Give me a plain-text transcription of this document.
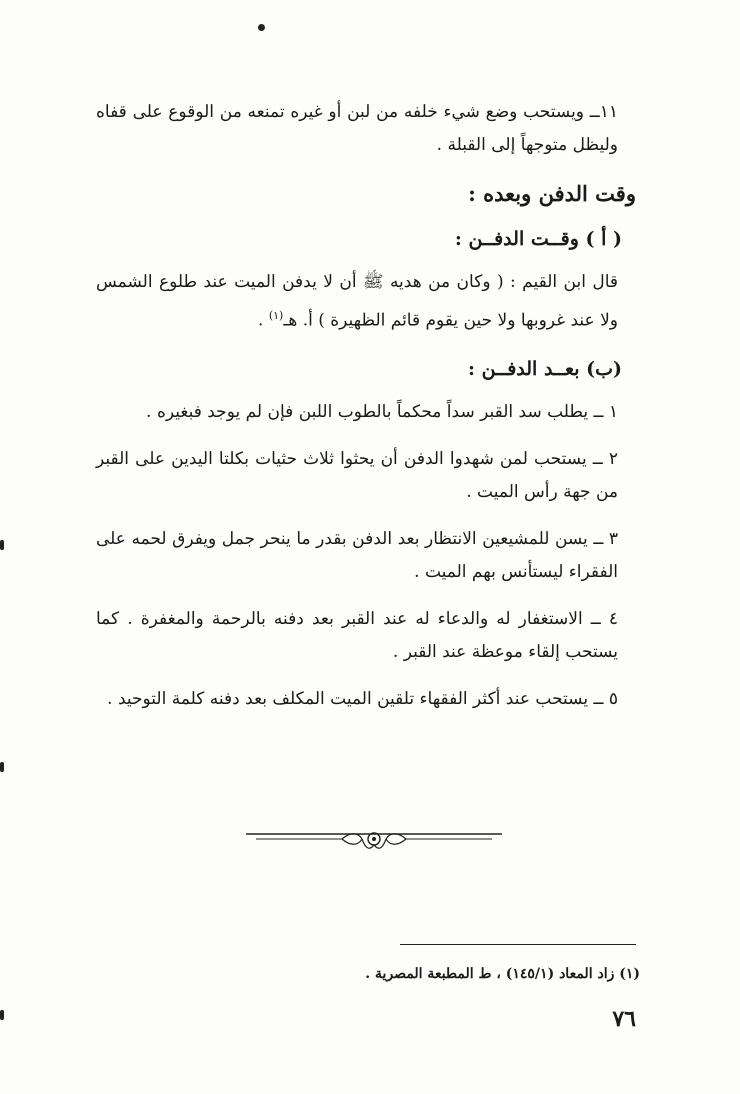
١١ــ ويستحب وضع شيء خلفه من لبن أو غيره تمنعه من الوقوع على قفاه وليظل متوجهاً إلى القبلة .

وقت الدفن وبعده :
( أ ) وقــت الدفــن :

قال ابن القيم : ( وكان من هديه ﷺ أن لا يدفن الميت عند طلوع الشمس ولا عند غروبها ولا حين يقوم قائم الظهيرة ) أ. هـ$^{(١)}$ .

(ب) بعــد الدفــن :

١ ــ يطلب سد القبر سداً محكماً بالطوب اللبن فإن لم يوجد فبغيره .

٢ ــ يستحب لمن شهدوا الدفن أن يحثوا ثلاث حثيات بكلتا اليدين على القبر من جهة رأس الميت .

٣ ــ يسن للمشيعين الانتظار بعد الدفن بقدر ما ينحر جمل ويفرق لحمه على الفقراء ليستأنس بهم الميت .

٤ ــ الاستغفار له والدعاء له عند القبر بعد دفنه بالرحمة والمغفرة . كما يستحب إلقاء موعظة عند القبر .

٥ ــ يستحب عند أكثر الفقهاء تلقين الميت المكلف بعد دفنه كلمة التوحيد .

(١) زاد المعاد (١٤٥/١) ، ط المطبعة المصرية .
٧٦
